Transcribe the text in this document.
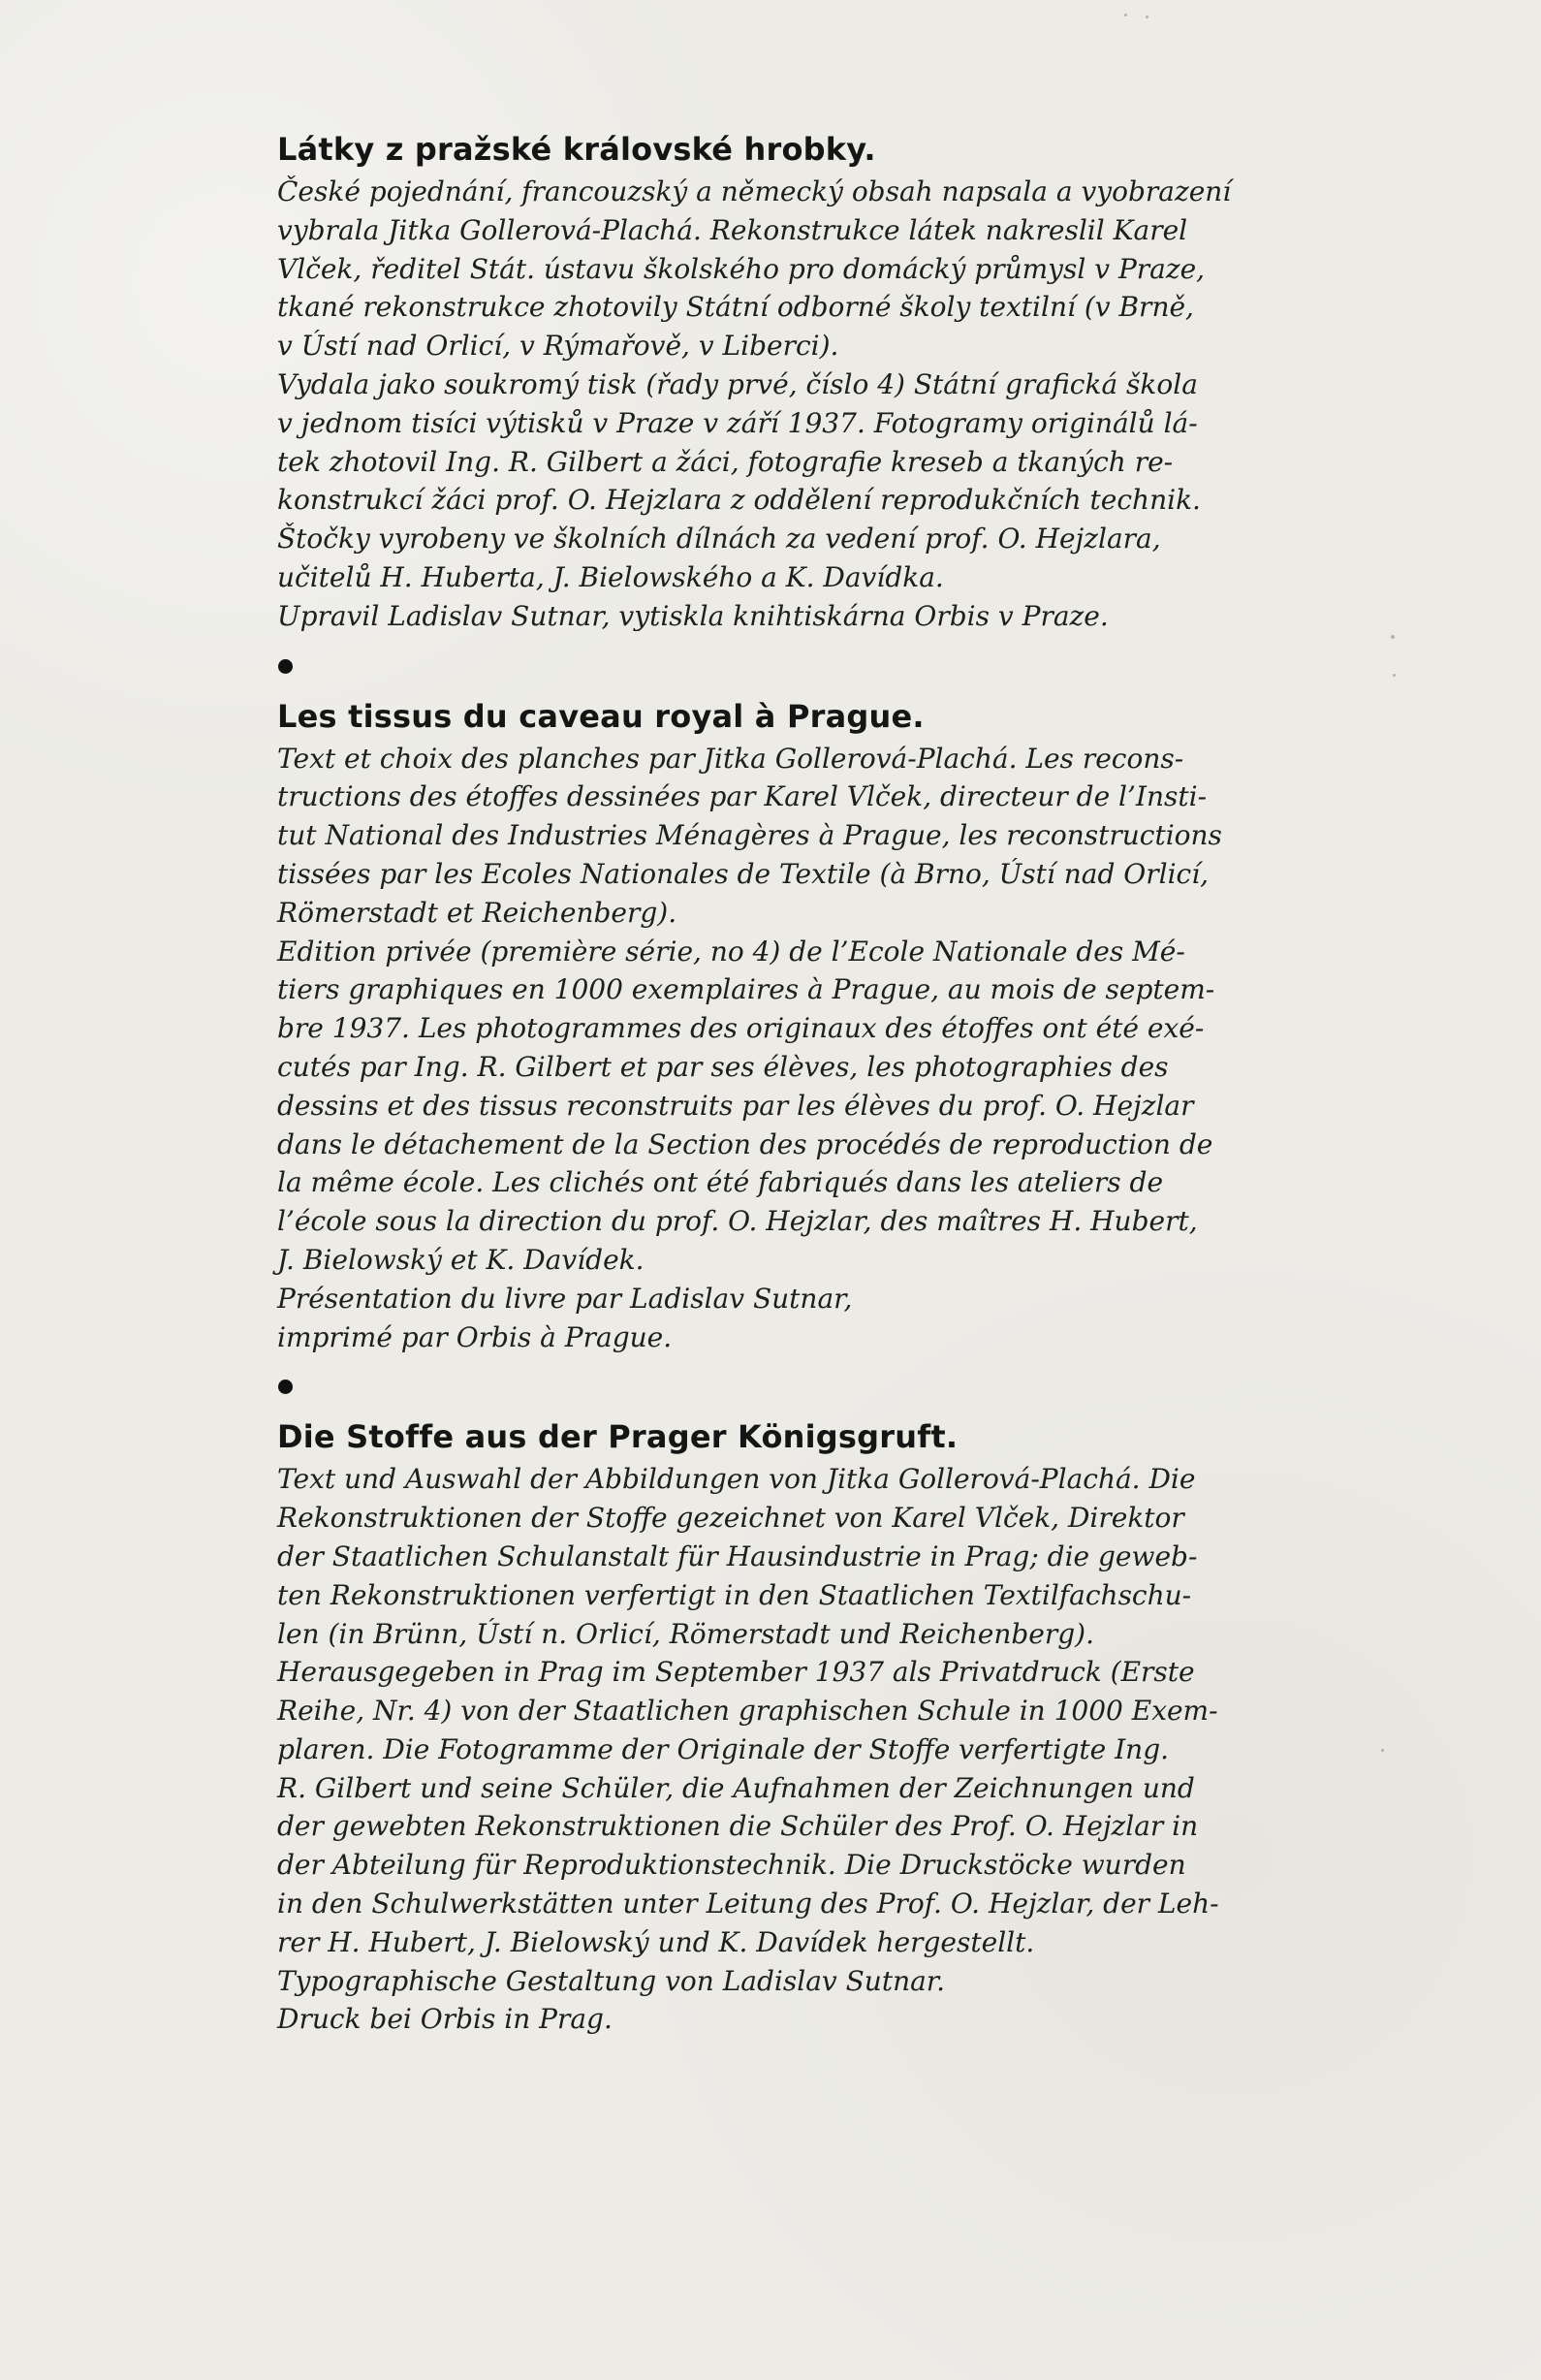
Látky z pražské královské hrobky.
České pojednání, francouzský a německý obsah napsala a vyobrazení
vybrala Jitka Gollerová-Plachá. Rekonstrukce látek nakreslil Karel
Vlček, ředitel Stát. ústavu školského pro domácký průmysl v Praze,
tkané rekonstrukce zhotovily Státní odborné školy textilní (v Brně,
v Ústí nad Orlicí, v Rýmařově, v Liberci).
Vydala jako soukromý tisk (řady prvé, číslo 4) Státní grafická škola
v jednom tisíci výtisků v Praze v září 1937. Fotogramy originálů lá-
tek zhotovil Ing. R. Gilbert a žáci, fotografie kreseb a tkaných re-
konstrukcí žáci prof. O. Hejzlara z oddělení reprodukčních technik.
Štočky vyrobeny ve školních dílnách za vedení prof. O. Hejzlara,
učitelů H. Huberta, J. Bielowského a K. Davídka.
Upravil Ladislav Sutnar, vytiskla knihtiskárna Orbis v Praze.
Les tissus du caveau royal à Prague.
Text et choix des planches par Jitka Gollerová-Plachá. Les recons-
tructions des étoffes dessinées par Karel Vlček, directeur de l’Insti-
tut National des Industries Ménagères à Prague, les reconstructions
tissées par les Ecoles Nationales de Textile (à Brno, Ústí nad Orlicí,
Römerstadt et Reichenberg).
Edition privée (première série, no 4) de l’Ecole Nationale des Mé-
tiers graphiques en 1000 exemplaires à Prague, au mois de septem-
bre 1937. Les photogrammes des originaux des étoffes ont été exé-
cutés par Ing. R. Gilbert et par ses élèves, les photographies des
dessins et des tissus reconstruits par les élèves du prof. O. Hejzlar
dans le détachement de la Section des procédés de reproduction de
la même école. Les clichés ont été fabriqués dans les ateliers de
l’école sous la direction du prof. O. Hejzlar, des maîtres H. Hubert,
J. Bielowský et K. Davídek.
Présentation du livre par Ladislav Sutnar,
imprimé par Orbis à Prague.
Die Stoffe aus der Prager Königsgruft.
Text und Auswahl der Abbildungen von Jitka Gollerová-Plachá. Die
Rekonstruktionen der Stoffe gezeichnet von Karel Vlček, Direktor
der Staatlichen Schulanstalt für Hausindustrie in Prag; die geweb-
ten Rekonstruktionen verfertigt in den Staatlichen Textilfachschu-
len (in Brünn, Ústí n. Orlicí, Römerstadt und Reichenberg).
Herausgegeben in Prag im September 1937 als Privatdruck (Erste
Reihe, Nr. 4) von der Staatlichen graphischen Schule in 1000 Exem-
plaren. Die Fotogramme der Originale der Stoffe verfertigte Ing.
R. Gilbert und seine Schüler, die Aufnahmen der Zeichnungen und
der gewebten Rekonstruktionen die Schüler des Prof. O. Hejzlar in
der Abteilung für Reproduktionstechnik. Die Druckstöcke wurden
in den Schulwerkstätten unter Leitung des Prof. O. Hejzlar, der Leh-
rer H. Hubert, J. Bielowský und K. Davídek hergestellt.
Typographische Gestaltung von Ladislav Sutnar.
Druck bei Orbis in Prag.
